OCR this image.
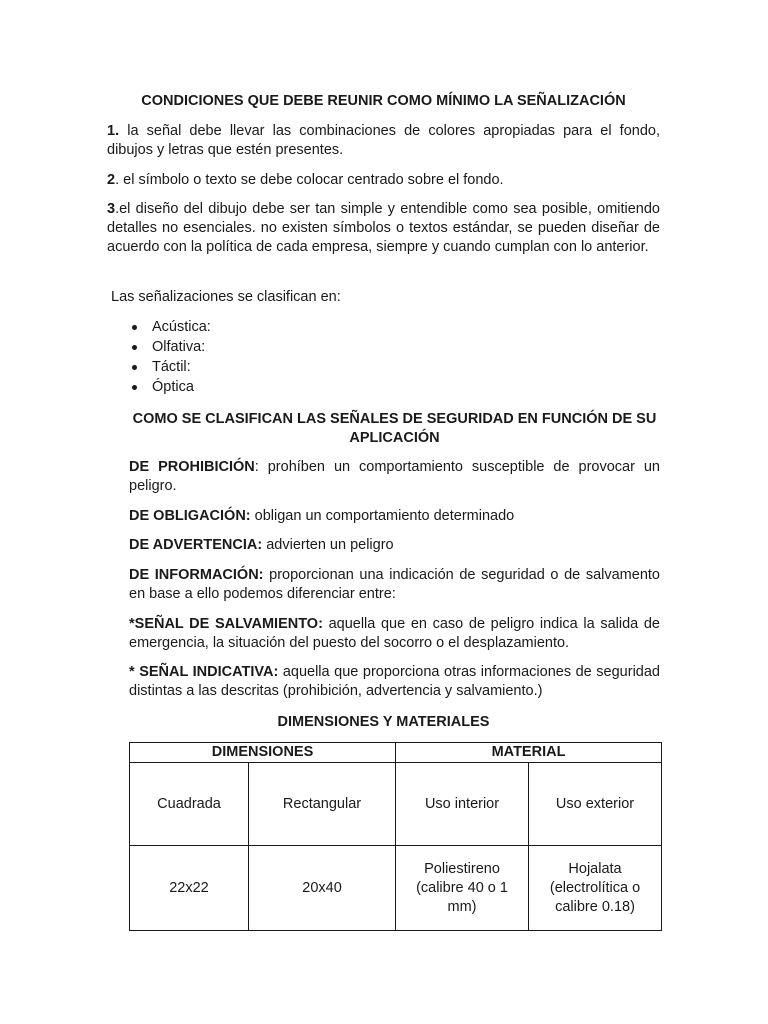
CONDICIONES QUE DEBE REUNIR COMO MÍNIMO LA SEÑALIZACIÓN

1. la señal debe llevar las combinaciones de colores apropiadas para el fondo, dibujos y letras que estén presentes.

2. el símbolo o texto se debe colocar centrado sobre el fondo.

3.el diseño del dibujo debe ser tan simple y entendible como sea posible, omitiendo detalles no esenciales. no existen símbolos o textos estándar, se pueden diseñar de acuerdo con la política de cada empresa, siempre y cuando cumplan con lo anterior.

Las señalizaciones se clasifican en:

Acústica:
Olfativa:
Táctil:
Óptica

COMO SE CLASIFICAN LAS SEÑALES DE SEGURIDAD EN FUNCIÓN DE SU APLICACIÓN

DE PROHIBICIÓN: prohíben un comportamiento susceptible de provocar un peligro.

DE OBLIGACIÓN: obligan un comportamiento determinado

DE ADVERTENCIA: advierten un peligro

DE INFORMACIÓN: proporcionan una indicación de seguridad o de salvamento en base a ello podemos diferenciar entre:

*SEÑAL DE SALVAMIENTO: aquella que en caso de peligro indica la salida de emergencia, la situación del puesto del socorro o el desplazamiento.

* SEÑAL INDICATIVA: aquella que proporciona otras informaciones de seguridad distintas a las descritas (prohibición, advertencia y salvamiento.)

DIMENSIONES Y MATERIALES

DIMENSIONES		MATERIAL	
Cuadrada	Rectangular	Uso interior	Uso exterior
22x22	20x40	Poliestireno (calibre 40 o 1 mm)	Hojalata (electrolítica o calibre 0.18)
